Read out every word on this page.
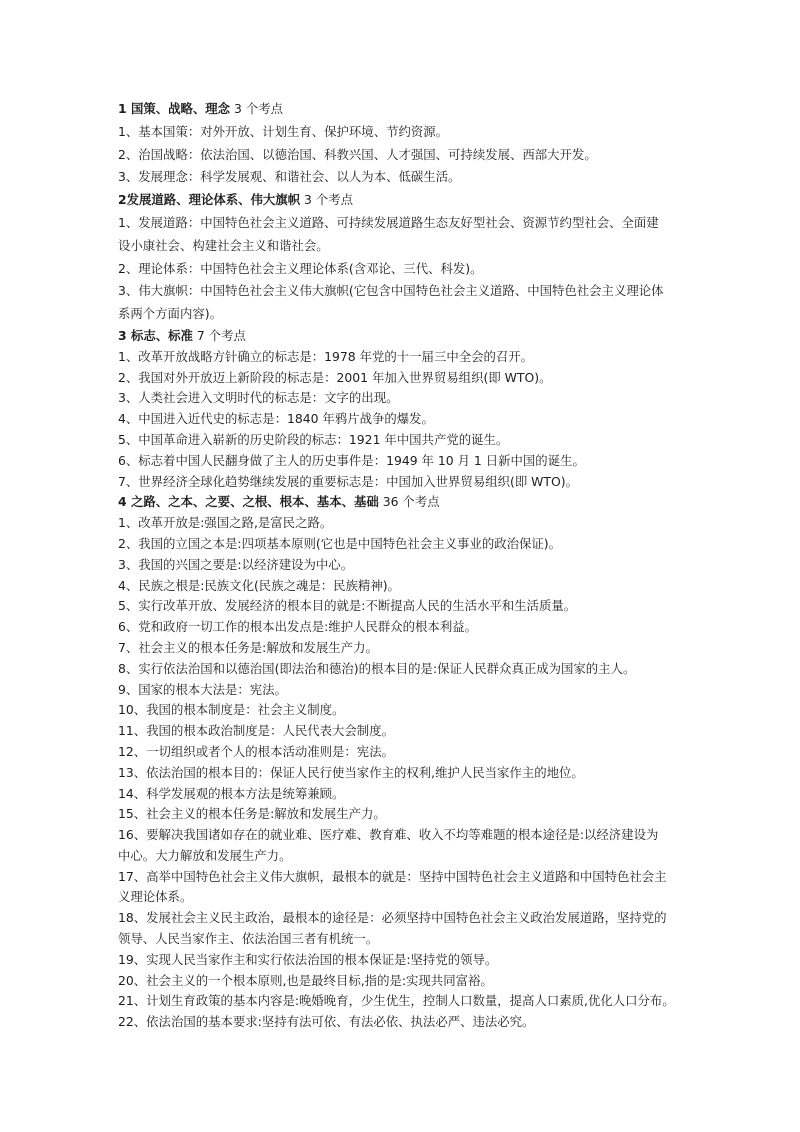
1 国策、战略、理念 3 个考点

1、基本国策：对外开放、计划生育、保护环境、节约资源。

2、治国战略：依法治国、以德治国、科教兴国、人才强国、可持续发展、西部大开发。

3、发展理念：科学发展观、和谐社会、以人为本、低碳生活。

2发展道路、理论体系、伟大旗帜 3 个考点

1、发展道路：中国特色社会主义道路、可持续发展道路生态友好型社会、资源节约型社会、全面建

设小康社会、构建社会主义和谐社会。

2、理论体系：中国特色社会主义理论体系(含邓论、三代、科发)。

3、伟大旗帜：中国特色社会主义伟大旗帜(它包含中国特色社会主义道路、中国特色社会主义理论体

系两个方面内容)。

3 标志、标准 7 个考点

1、改革开放战略方针确立的标志是：1978 年党的十一届三中全会的召开。

2、我国对外开放迈上新阶段的标志是：2001 年加入世界贸易组织(即 WTO)。

3、人类社会进入文明时代的标志是：文字的出现。

4、中国进入近代史的标志是：1840 年鸦片战争的爆发。

5、中国革命进入崭新的历史阶段的标志：1921 年中国共产党的诞生。

6、标志着中国人民翻身做了主人的历史事件是：1949 年 10 月 1 日新中国的诞生。

7、世界经济全球化趋势继续发展的重要标志是：中国加入世界贸易组织(即 WTO)。

4 之路、之本、之要、之根、根本、基本、基础 36 个考点

1、改革开放是:强国之路,是富民之路。

2、我国的立国之本是:四项基本原则(它也是中国特色社会主义事业的政治保证)。

3、我国的兴国之要是:以经济建设为中心。

4、民族之根是:民族文化(民族之魂是：民族精神)。

5、实行改革开放、发展经济的根本目的就是:不断提高人民的生活水平和生活质量。

6、党和政府一切工作的根本出发点是:维护人民群众的根本利益。

7、社会主义的根本任务是:解放和发展生产力。

8、实行依法治国和以德治国(即法治和德治)的根本目的是:保证人民群众真正成为国家的主人。

9、国家的根本大法是：宪法。

10、我国的根本制度是：社会主义制度。

11、我国的根本政治制度是：人民代表大会制度。

12、一切组织或者个人的根本活动准则是：宪法。

13、依法治国的根本目的：保证人民行使当家作主的权利,维护人民当家作主的地位。

14、科学发展观的根本方法是统筹兼顾。

15、社会主义的根本任务是:解放和发展生产力。

16、要解决我国诸如存在的就业难、医疗难、教育难、收入不均等难题的根本途径是:以经济建设为

中心。大力解放和发展生产力。

17、高举中国特色社会主义伟大旗帜，最根本的就是：坚持中国特色社会主义道路和中国特色社会主

义理论体系。

18、发展社会主义民主政治，最根本的途径是：必须坚持中国特色社会主义政治发展道路，坚持党的

领导、人民当家作主、依法治国三者有机统一。

19、实现人民当家作主和实行依法治国的根本保证是:坚持党的领导。

20、社会主义的一个根本原则,也是最终目标,指的是:实现共同富裕。

21、计划生育政策的基本内容是:晚婚晚育，少生优生，控制人口数量，提高人口素质,优化人口分布。

22、依法治国的基本要求:坚持有法可依、有法必依、执法必严、违法必究。
